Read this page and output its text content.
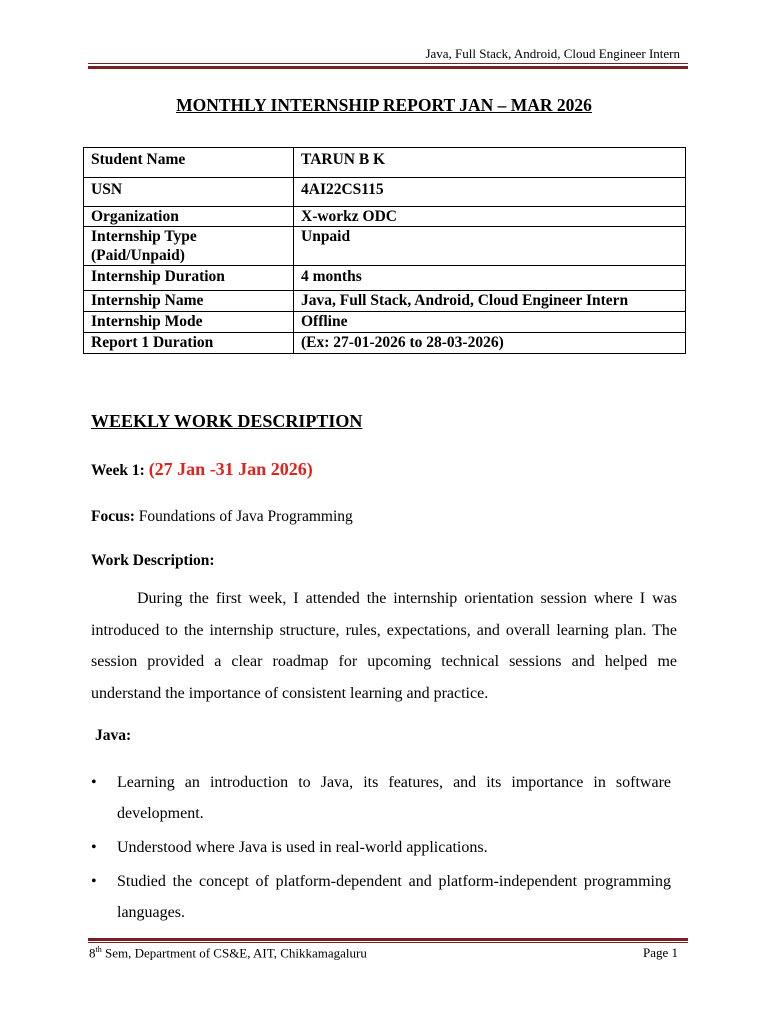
Java, Full Stack, Android, Cloud Engineer Intern
MONTHLY INTERNSHIP REPORT JAN – MAR 2026
Student Name	TARUN B K
USN	4AI22CS115
Organization	X-workz ODC
Internship Type (Paid/Unpaid)	Unpaid
Internship Duration	4 months
Internship Name	Java, Full Stack, Android, Cloud Engineer Intern
Internship Mode	Offline
Report 1 Duration	(Ex: 27-01-2026 to 28-03-2026)
WEEKLY WORK DESCRIPTION
Week 1: (27 Jan -31 Jan 2026)
Focus: Foundations of Java Programming
Work Description:
During the first week, I attended the internship orientation session where I was introduced to the internship structure, rules, expectations, and overall learning plan. The session provided a clear roadmap for upcoming technical sessions and helped me understand the importance of consistent learning and practice.
Java:
• Learning an introduction to Java, its features, and its importance in software development.
• Understood where Java is used in real-world applications.
• Studied the concept of platform-dependent and platform-independent programming languages.
8th Sem, Department of CS&E, AIT, Chikkamagaluru	Page 1
